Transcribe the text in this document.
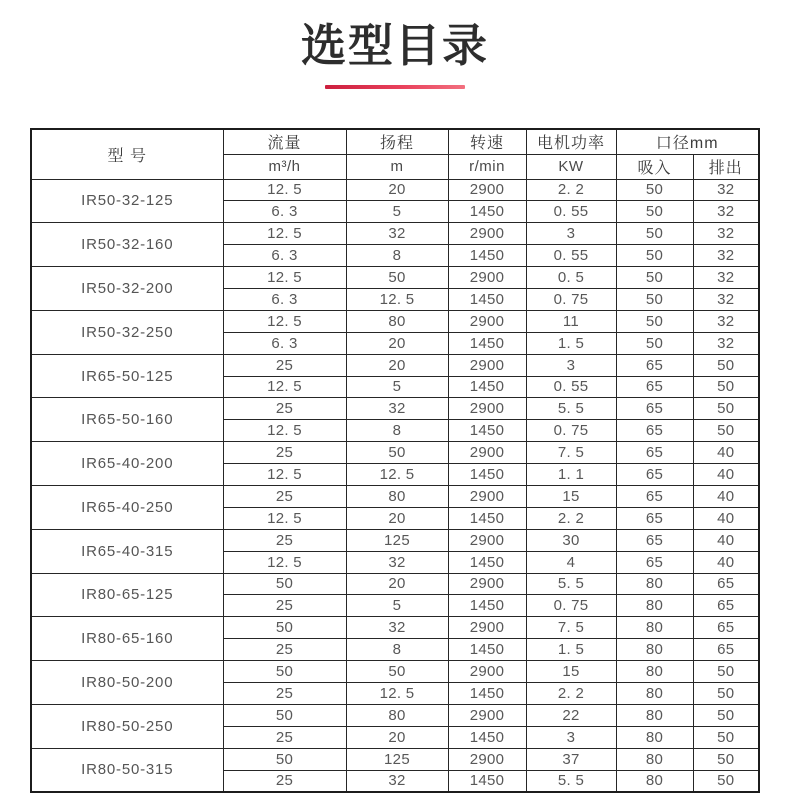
选型目录
型 号	流量	扬程	转速	电机功率	口径mm	
	m³/h	m	r/min	KW	吸入	排出
IR50-32-125	12. 5	20	2900	2. 2	50	32
	6. 3	5	1450	0. 55	50	32
IR50-32-160	12. 5	32	2900	3	50	32
	6. 3	8	1450	0. 55	50	32
IR50-32-200	12. 5	50	2900	0. 5	50	32
	6. 3	12. 5	1450	0. 75	50	32
IR50-32-250	12. 5	80	2900	11	50	32
	6. 3	20	1450	1. 5	50	32
IR65-50-125	25	20	2900	3	65	50
	12. 5	5	1450	0. 55	65	50
IR65-50-160	25	32	2900	5. 5	65	50
	12. 5	8	1450	0. 75	65	50
IR65-40-200	25	50	2900	7. 5	65	40
	12. 5	12. 5	1450	1. 1	65	40
IR65-40-250	25	80	2900	15	65	40
	12. 5	20	1450	2. 2	65	40
IR65-40-315	25	125	2900	30	65	40
	12. 5	32	1450	4	65	40
IR80-65-125	50	20	2900	5. 5	80	65
	25	5	1450	0. 75	80	65
IR80-65-160	50	32	2900	7. 5	80	65
	25	8	1450	1. 5	80	65
IR80-50-200	50	50	2900	15	80	50
	25	12. 5	1450	2. 2	80	50
IR80-50-250	50	80	2900	22	80	50
	25	20	1450	3	80	50
IR80-50-315	50	125	2900	37	80	50
	25	32	1450	5. 5	80	50
